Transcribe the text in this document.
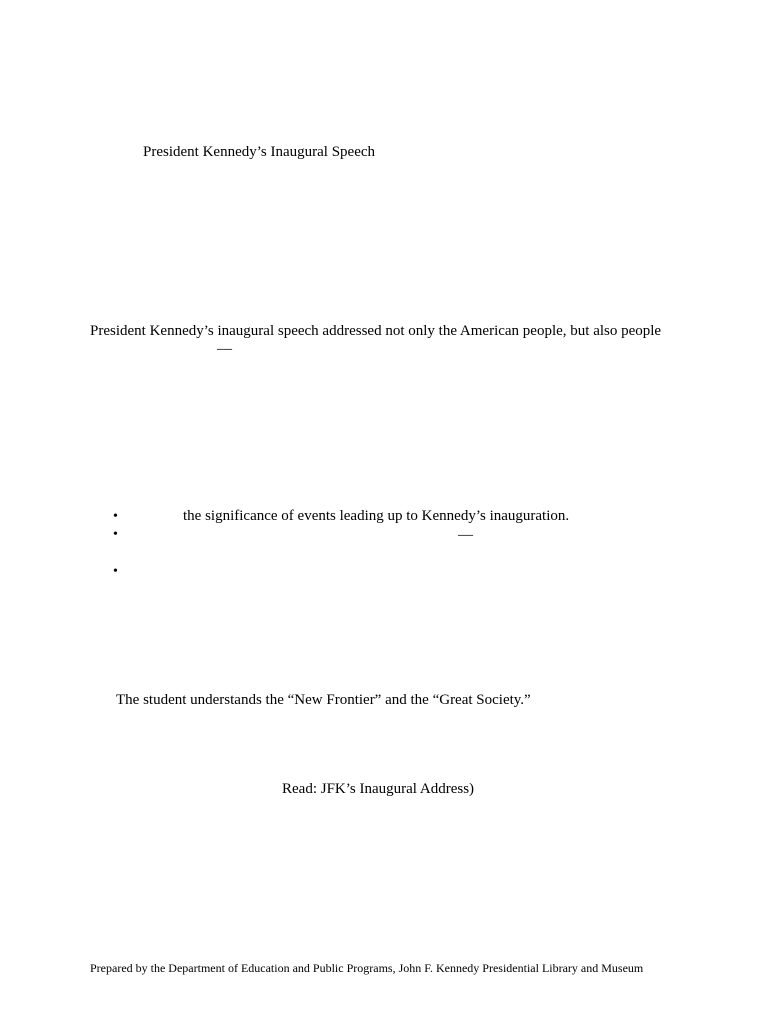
President Kennedy’s Inaugural Speech
President Kennedy’s inaugural speech addressed not only the American people, but also people
—
•	the significance of events leading up to Kennedy’s inauguration.
•	—
•
The student understands the “New Frontier” and the “Great Society.”
Read: JFK’s Inaugural Address)
Prepared by the Department of Education and Public Programs, John F. Kennedy Presidential Library and Museum
